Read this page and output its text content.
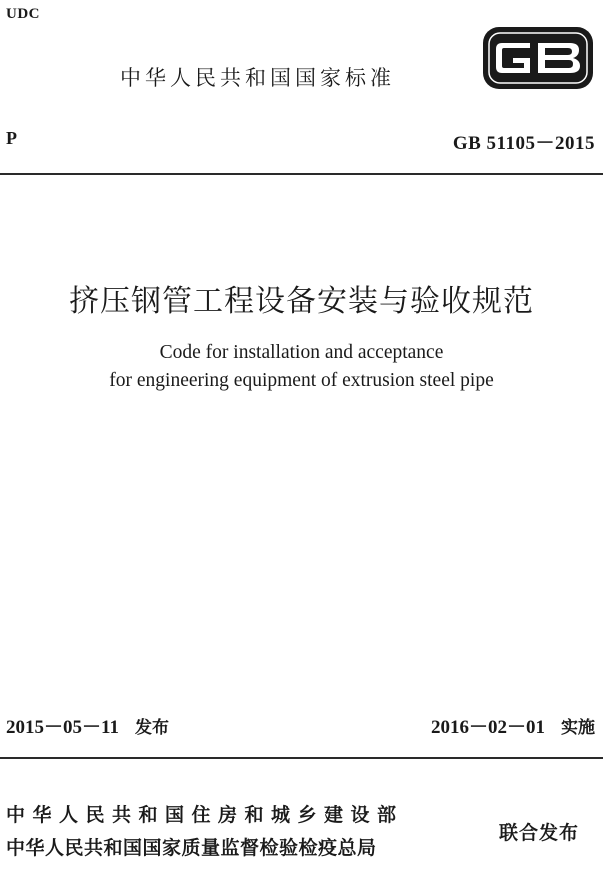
UDC
中华人民共和国国家标准
P	GB 51105－2015
挤压钢管工程设备安装与验收规范
Code for installation and acceptance
for engineering equipment of extrusion steel pipe
2015－05－11 发布	2016－02－01 实施
中华人民共和国住房和城乡建设部
中华人民共和国国家质量监督检验检疫总局
联合发布
